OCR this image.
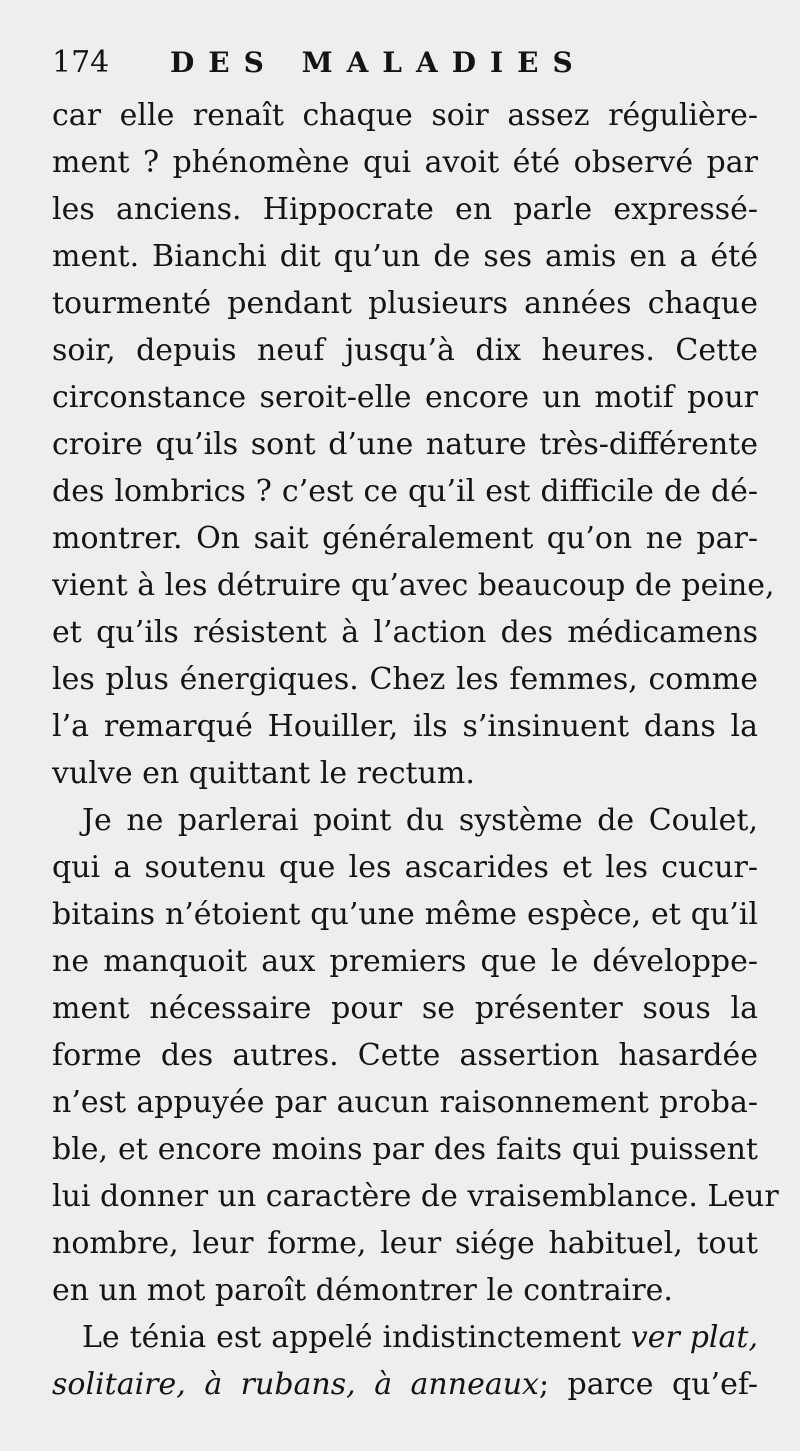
174 DES MALADIES
car elle renaît chaque soir assez régulière-
ment ? phénomène qui avoit été observé par
les anciens. Hippocrate en parle expressé-
ment. Bianchi dit qu’un de ses amis en a été
tourmenté pendant plusieurs années chaque
soir, depuis neuf jusqu’à dix heures. Cette
circonstance seroit-elle encore un motif pour
croire qu’ils sont d’une nature très-différente
des lombrics ? c’est ce qu’il est difficile de dé-
montrer. On sait généralement qu’on ne par-
vient à les détruire qu’avec beaucoup de peine,
et qu’ils résistent à l’action des médicamens
les plus énergiques. Chez les femmes, comme
l’a remarqué Houiller, ils s’insinuent dans la
vulve en quittant le rectum.
Je ne parlerai point du système de Coulet,
qui a soutenu que les ascarides et les cucur-
bitains n’étoient qu’une même espèce, et qu’il
ne manquoit aux premiers que le développe-
ment nécessaire pour se présenter sous la
forme des autres. Cette assertion hasardée
n’est appuyée par aucun raisonnement proba-
ble, et encore moins par des faits qui puissent
lui donner un caractère de vraisemblance. Leur
nombre, leur forme, leur siége habituel, tout
en un mot paroît démontrer le contraire.
Le ténia est appelé indistinctement ver plat,
solitaire, à rubans, à anneaux; parce qu’ef-
